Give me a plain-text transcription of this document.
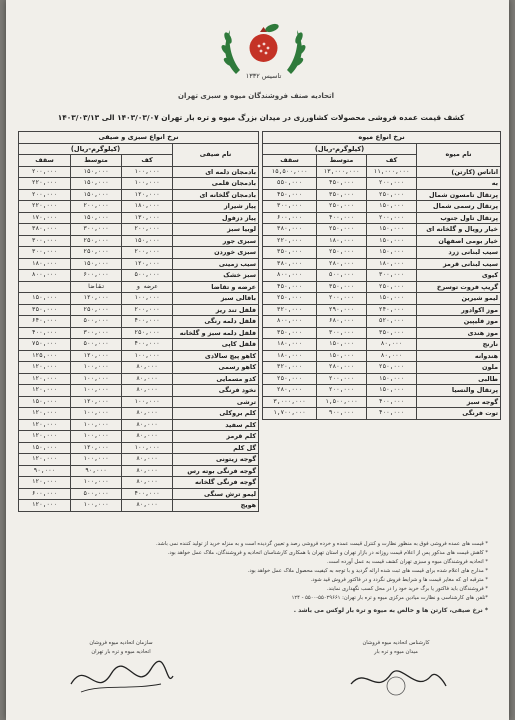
تاسیس ۱۳۳۲
اتحادیه صنف فروشندگان میوه و سبزی تهران
کشف قیمت عمده فروشی محصولات کشاورزی در میدان بزرگ میوه و تره بار تهران ۱۴۰۳/۰۳/۰۷ الی ۱۴۰۳/۰۳/۱۳
نرخ انواع سبزی و صیفی			
نام صیفی	(کیلوگرم-ریال)		
	کف	متوسط	سقف
بادمجان دلمه ای	۱۰۰,۰۰۰	۱۵۰,۰۰۰	۲۰۰,۰۰۰
بادمجان قلمی	۱۰۰,۰۰۰	۱۵۰,۰۰۰	۲۲۰,۰۰۰
بادمجان گلخانه ای	۱۲۰,۰۰۰	۱۵۰,۰۰۰	۲۰۰,۰۰۰
پیاز شیراز	۱۸۰,۰۰۰	۲۰۰,۰۰۰	۲۲۰,۰۰۰
پیاز دزفول	۱۳۰,۰۰۰	۱۵۰,۰۰۰	۱۷۰,۰۰۰
لوبیا سبز	۲۰۰,۰۰۰	۳۰۰,۰۰۰	۳۸۰,۰۰۰
سبزی جور	۱۵۰,۰۰۰	۲۵۰,۰۰۰	۳۰۰,۰۰۰
سبزی خوردن	۲۰۰,۰۰۰	۲۵۰,۰۰۰	۳۰۰,۰۰۰
سیب زمینی	۱۲۰,۰۰۰	۱۵۰,۰۰۰	۱۸۰,۰۰۰
سبز خشک	۵۰۰,۰۰۰	۶۰۰,۰۰۰	۸۰۰,۰۰۰
عرضه و تقاضا	عرضه و	تقاضا	
باقالی سبز	۱۰۰,۰۰۰	۱۲۰,۰۰۰	۱۵۰,۰۰۰
فلفل تند ریز	۲۰۰,۰۰۰	۲۵۰,۰۰۰	۳۵۰,۰۰۰
فلفل دلمه رنگی	۴۰۰,۰۰۰	۵۰۰,۰۰۰	۶۴۰,۰۰۰
فلفل دلمه سبز و گلخانه	۲۵۰,۰۰۰	۳۰۰,۰۰۰	۴۰۰,۰۰۰
فلفل کاپی	۴۰۰,۰۰۰	۵۰۰,۰۰۰	۷۵۰,۰۰۰
کاهو پیچ سالادی	۱۰۰,۰۰۰	۱۲۰,۰۰۰	۱۲۵,۰۰۰
کاهو رسمی	۸۰,۰۰۰	۱۰۰,۰۰۰	۱۲۰,۰۰۰
کدو مسمایی	۸۰,۰۰۰	۱۰۰,۰۰۰	۱۲۰,۰۰۰
نخود فرنگی	۸۰,۰۰۰	۱۰۰,۰۰۰	۱۲۰,۰۰۰
ترشی	۱۰۰,۰۰۰	۱۲۰,۰۰۰	۱۵۰,۰۰۰
کلم بروکلی	۸۰,۰۰۰	۱۰۰,۰۰۰	۱۲۰,۰۰۰
کلم سفید	۸۰,۰۰۰	۱۰۰,۰۰۰	۱۲۰,۰۰۰
کلم قرمز	۸۰,۰۰۰	۱۰۰,۰۰۰	۱۲۰,۰۰۰
گل کلم	۱۰۰,۰۰۰	۱۲۰,۰۰۰	۱۵۰,۰۰۰
گوجه زیتونی	۸۰,۰۰۰	۱۰۰,۰۰۰	۱۲۰,۰۰۰
گوجه فرنگی بوته رس	۸۰,۰۰۰	۹۰,۰۰۰	۹۰,۰۰۰
گوجه فرنگی گلخانه	۸۰,۰۰۰	۱۰۰,۰۰۰	۱۲۰,۰۰۰
لیمو ترش سنگی	۴۰۰,۰۰۰	۵۰۰,۰۰۰	۶۰۰,۰۰۰
هویج	۸۰,۰۰۰	۱۰۰,۰۰۰	۱۲۰,۰۰۰
نرخ انواع میوه			
نام میوه	(کیلوگرم-ریال)		
	کف	متوسط	سقف
اناناس (کارتن)	۱۱,۰۰۰,۰۰۰	۱۳,۰۰۰,۰۰۰	۱۵,۵۰۰,۰۰۰
به	۲۰۰,۰۰۰	۴۵۰,۰۰۰	۵۵۰,۰۰۰
پرتقال تامسون شمال	۲۵۰,۰۰۰	۳۵۰,۰۰۰	۴۵۰,۰۰۰
پرتقال رسمی شمال	۱۵۰,۰۰۰	۲۵۰,۰۰۰	۳۰۰,۰۰۰
پرتقال تاول جنوب	۲۰۰,۰۰۰	۴۰۰,۰۰۰	۶۰۰,۰۰۰
خیار رویال و گلخانه ای	۱۵۰,۰۰۰	۲۵۰,۰۰۰	۳۸۰,۰۰۰
خیار بومی اصفهان	۱۵۰,۰۰۰	۱۸۰,۰۰۰	۲۲۰,۰۰۰
سیب لبنانی زرد	۱۵۰,۰۰۰	۲۵۰,۰۰۰	۳۵۰,۰۰۰
سیب لبنانی قرمز	۱۸۰,۰۰۰	۲۸۰,۰۰۰	۳۸۰,۰۰۰
کیوی	۳۰۰,۰۰۰	۵۰۰,۰۰۰	۸۰۰,۰۰۰
گریپ فروت توسرخ	۲۵۰,۰۰۰	۳۵۰,۰۰۰	۴۵۰,۰۰۰
لیمو شیرین	۱۵۰,۰۰۰	۲۰۰,۰۰۰	۲۵۰,۰۰۰
موز اکوادور	۲۴۰,۰۰۰	۲۹۰,۰۰۰	۳۲۰,۰۰۰
موز فلیپین	۵۲۰,۰۰۰	۶۸۰,۰۰۰	۸۰۰,۰۰۰
موز هندی	۳۵۰,۰۰۰	۳۰۰,۰۰۰	۳۵۰,۰۰۰
نارنج	۸۰,۰۰۰	۱۵۰,۰۰۰	۱۸۰,۰۰۰
هندوانه	۸۰,۰۰۰	۱۵۰,۰۰۰	۱۸۰,۰۰۰
ملون	۲۵۰,۰۰۰	۲۸۰,۰۰۰	۳۲۰,۰۰۰
طالبی	۱۵۰,۰۰۰	۲۰۰,۰۰۰	۲۵۰,۰۰۰
پرتقال والنسیا	۱۵۰,۰۰۰	۲۰۰,۰۰۰	۲۸۰,۰۰۰
گوجه سبز	۴۰۰,۰۰۰	۱,۵۰۰,۰۰۰	۳,۰۰۰,۰۰۰
توت فرنگی	۴۰۰,۰۰۰	۹۰۰,۰۰۰	۱,۷۰۰,۰۰۰

* قیمت های عمده فروشی فوق به منظور نظارت و کنترل قیمت عمده و خرده فروشی رصد و تعیین گردیده است و به منزله خرید از تولید کننده نمی باشد.

* کاهش قیمت های مذکور پس از اعلام قیمت روزانه در بازار تهران و استان تهران با همکاری کارشناسان اتحادیه و فروشندگان، ملاک عمل خواهد بود.

* اتحادیه فروشندگان میوه و سبزی تهران کشف قیمت به عمل آورده است.

* مدارج های اعلام شده برای قیمت های ثبت شده ارائه گردید و با توجه به کیفیت محصول ملاک عمل خواهد بود.

* مترقبه ای که مغایر قیمت ها و شرایط فروش نگردد و در فاکتور فروش قید شود.

* فروشندگان باید فاکتور یا برگ خرید خود را در محل کسب نگهداری نمایند.

*تلفن های کارشناسی و نظارت میادین مرکزی میوه و تره بار تهران: ۵۵۰۲۹۶۶۱-۵۵۰۰ - ۱۲۴

* نرخ صیفی، کارتن ها و خالص به میوه و تره بار لوکس می باشد .

سازمان اتحادیه میوه فروشان
اتحادیه میوه و تره بار تهران
کارشناس اتحادیه میوه فروشان
میدان میوه و تره بار
